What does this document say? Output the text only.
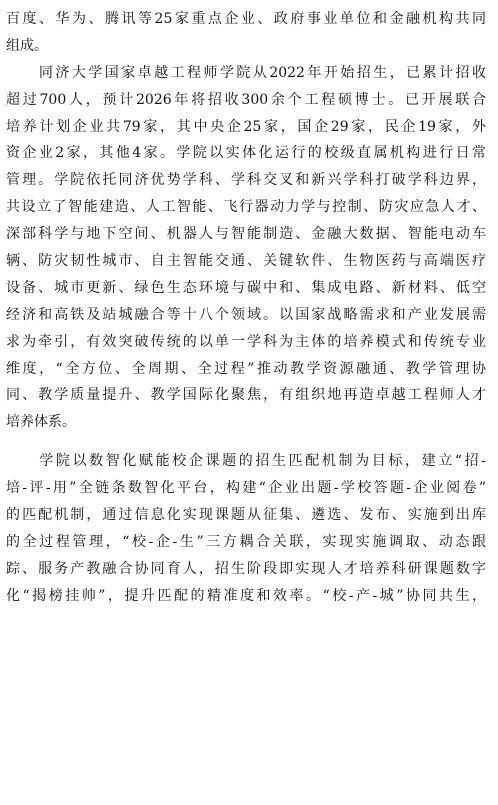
百度、华为、腾讯等25家重点企业、政府事业单位和金融机构共同
组成。
　　同济大学国家卓越工程师学院从2022年开始招生，已累计招收
超过700人，预计2026年将招收300余个工程硕博士。已开展联合
培养计划企业共79家，其中央企25家，国企29家，民企19家，外
资企业2家，其他4家。学院以实体化运行的校级直属机构进行日常
管理。学院依托同济优势学科、学科交叉和新兴学科打破学科边界，
共设立了智能建造、人工智能、飞行器动力学与控制、防灾应急人才、
深部科学与地下空间、机器人与智能制造、金融大数据、智能电动车
辆、防灾韧性城市、自主智能交通、关键软件、生物医药与高端医疗
设备、城市更新、绿色生态环境与碳中和、集成电路、新材料、低空
经济和高铁及站城融合等十八个领域。以国家战略需求和产业发展需
求为牵引，有效突破传统的以单一学科为主体的培养模式和传统专业
维度，“全方位、全周期、全过程”推动教学资源融通、教学管理协
同、教学质量提升、教学国际化聚焦，有组织地再造卓越工程师人才
培养体系。
　　学院以数智化赋能校企课题的招生匹配机制为目标，建立“招-
培-评-用”全链条数智化平台，构建“企业出题-学校答题-企业阅卷”
的匹配机制，通过信息化实现课题从征集、遴选、发布、实施到出库
的全过程管理，“校-企-生”三方耦合关联，实现实施调取、动态跟
踪、服务产教融合协同育人，招生阶段即实现人才培养科研课题数字
化“揭榜挂帅”，提升匹配的精准度和效率。“校-产-城”协同共生，
